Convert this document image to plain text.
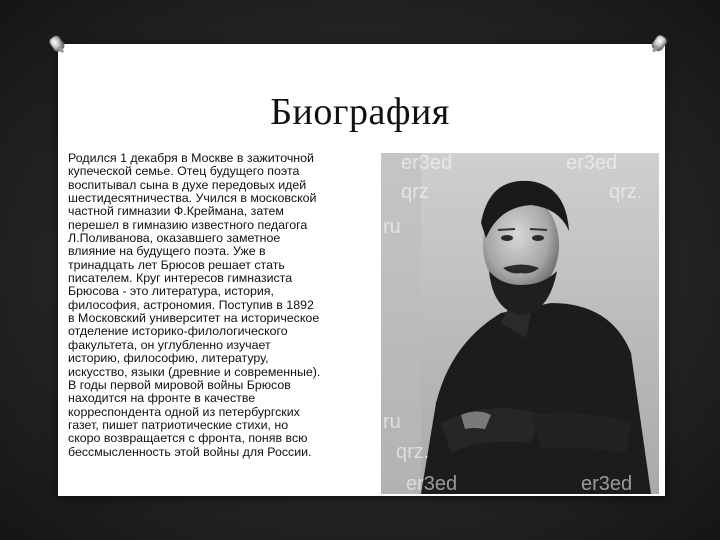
Биография

Родился 1 декабря в Москве в зажиточной
купеческой семье. Отец будущего поэта
воспитывал сына в духе передовых идей
шестидесятничества. Учился в московской
частной гимназии Ф.Креймана, затем
перешел в гимназию известного педагога
Л.Поливанова, оказавшего заметное
влияние на будущего поэта. Уже в
тринадцать лет Брюсов решает стать
писателем. Круг интересов гимназиста
Брюсова - это литература, история,
философия, астрономия. Поступив в 1892
в Московский университет на историческое
отделение историко-филологического
факультета, он углубленно изучает
историю, философию, литературу,
искусство, языки (древние и современные).
В годы первой мировой войны Брюсов
находится на фронте в качестве
корреспондента одной из петербургских
газет, пишет патриотические стихи, но
скоро возвращается с фронта, поняв всю
бессмысленность этой войны для России.

er3ed	er3ed
qrz	qrz.
ru
ru
qrz.
er3ed	er3ed
